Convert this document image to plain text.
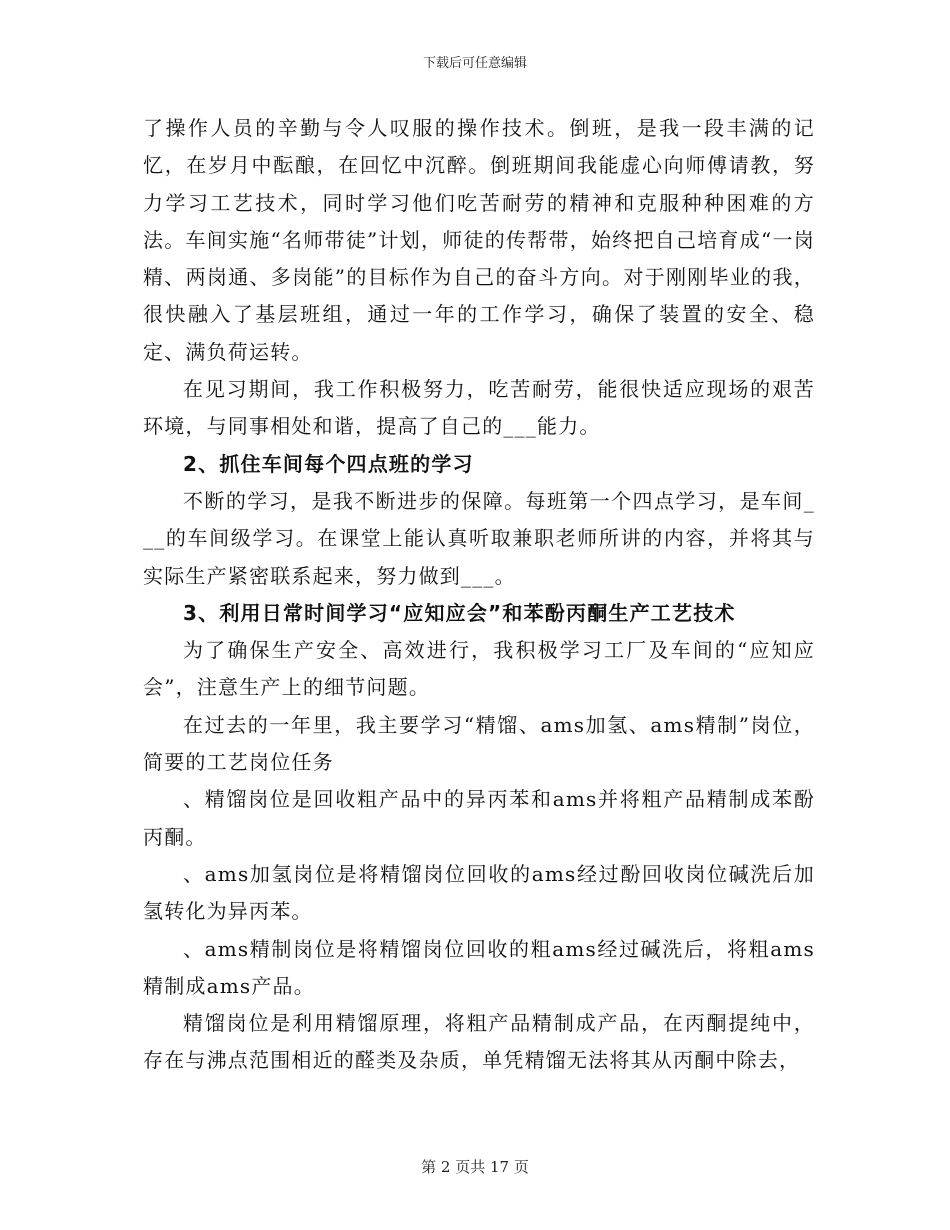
下载后可任意编辑

了操作人员的辛勤与令人叹服的操作技术。倒班，是我一段丰满的记忆，在岁月中酝酿，在回忆中沉醉。倒班期间我能虚心向师傅请教，努力学习工艺技术，同时学习他们吃苦耐劳的精神和克服种种困难的方法。车间实施“名师带徒”计划，师徒的传帮带，始终把自己培育成“一岗精、两岗通、多岗能”的目标作为自己的奋斗方向。对于刚刚毕业的我，很快融入了基层班组，通过一年的工作学习，确保了装置的安全、稳定、满负荷运转。

在见习期间，我工作积极努力，吃苦耐劳，能很快适应现场的艰苦环境，与同事相处和谐，提高了自己的___能力。

2、抓住车间每个四点班的学习

不断的学习，是我不断进步的保障。每班第一个四点学习，是车间___的车间级学习。在课堂上能认真听取兼职老师所讲的内容，并将其与实际生产紧密联系起来，努力做到___。

3、利用日常时间学习“应知应会”和苯酚丙酮生产工艺技术

为了确保生产安全、高效进行，我积极学习工厂及车间的“应知应会”，注意生产上的细节问题。

在过去的一年里，我主要学习“精馏、ams加氢、ams精制”岗位，简要的工艺岗位任务

、精馏岗位是回收粗产品中的异丙苯和ams并将粗产品精制成苯酚丙酮。

、ams加氢岗位是将精馏岗位回收的ams经过酚回收岗位碱洗后加氢转化为异丙苯。

、ams精制岗位是将精馏岗位回收的粗ams经过碱洗后，将粗ams精制成ams产品。

精馏岗位是利用精馏原理，将粗产品精制成产品，在丙酮提纯中，存在与沸点范围相近的醛类及杂质，单凭精馏无法将其从丙酮中除去，

第 2 页共 17 页
